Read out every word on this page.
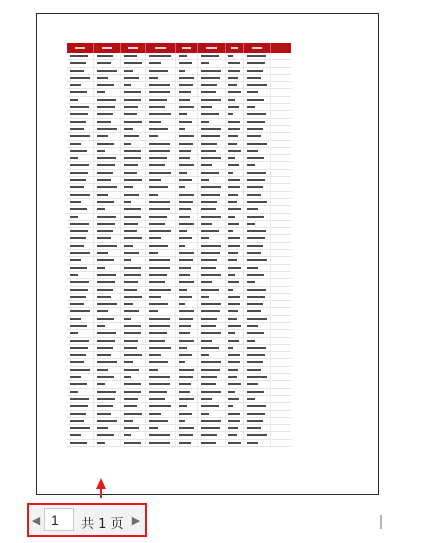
◀
1	共 1 页 ▶
